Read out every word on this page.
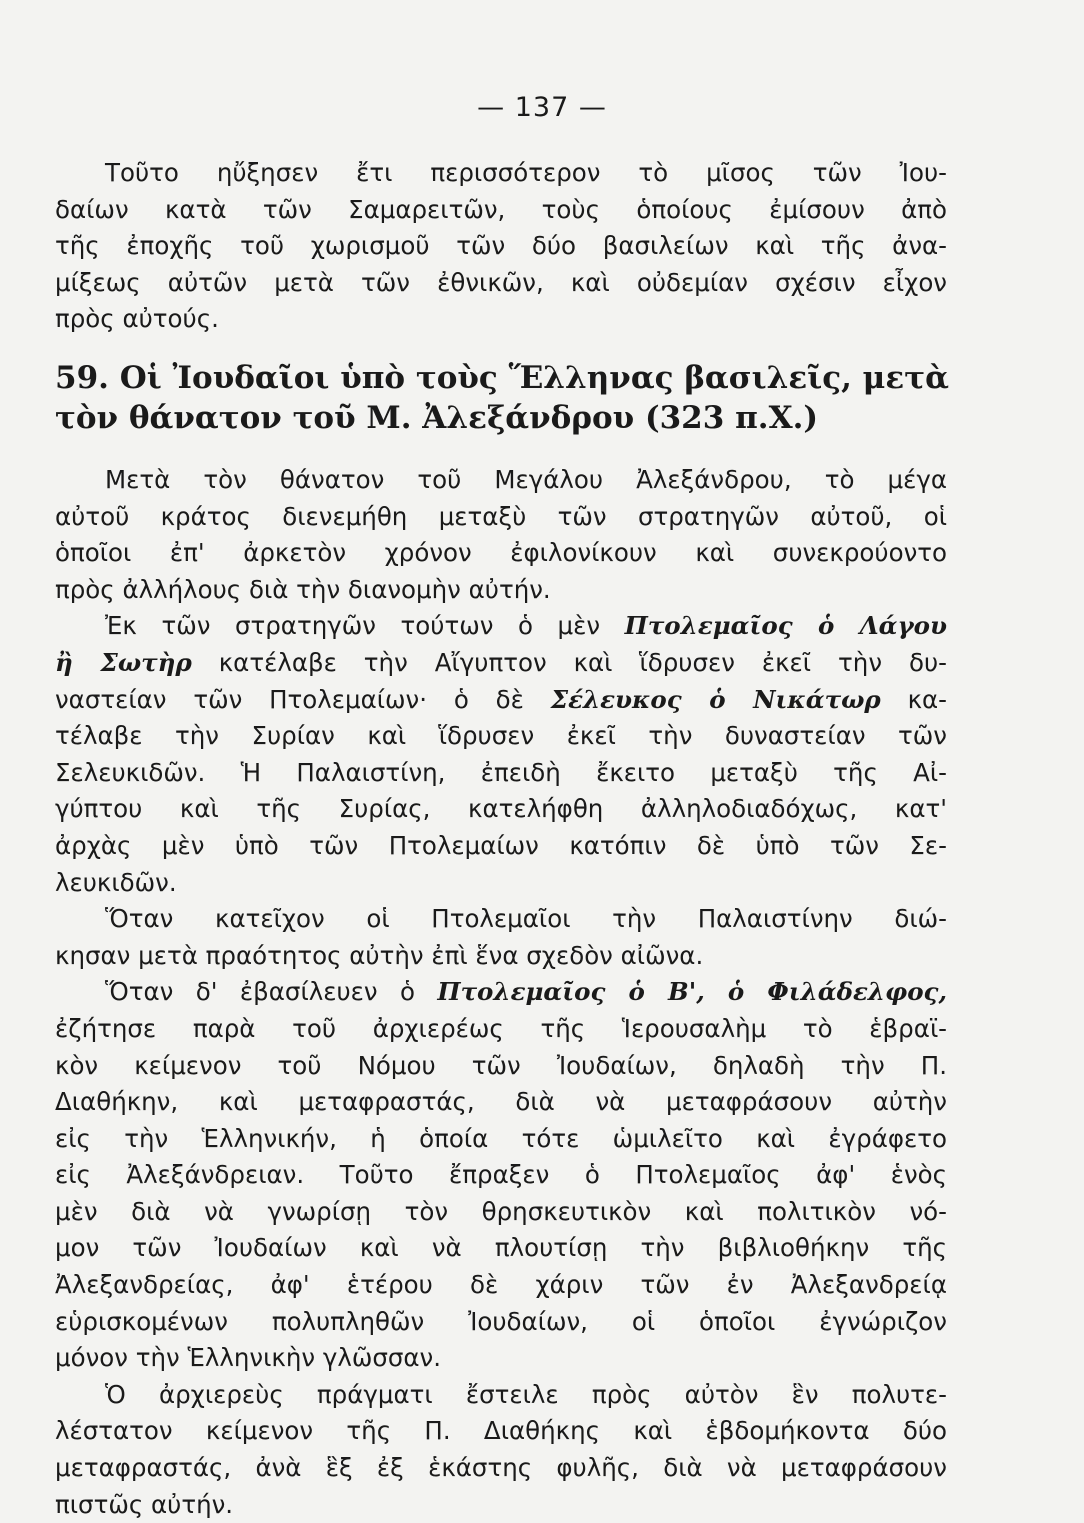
— 137 —
Τοῦτο ηὔξησεν ἔτι περισσότερον τὸ μῖσος τῶν Ἰου-
δαίων κατὰ τῶν Σαμαρειτῶν, τοὺς ὁποίους ἐμίσουν ἀπὸ
τῆς ἐποχῆς τοῦ χωρισμοῦ τῶν δύο βασιλείων καὶ τῆς ἀνα-
μίξεως αὐτῶν μετὰ τῶν ἐθνικῶν, καὶ οὐδεμίαν σχέσιν εἶχον
πρὸς αὐτούς.
59. Οἱ Ἰουδαῖοι ὑπὸ τοὺς Ἕλληνας βασιλεῖς, μετὰ
τὸν θάνατον τοῦ Μ. Ἀλεξάνδρου (323 π.Χ.)
Μετὰ τὸν θάνατον τοῦ Μεγάλου Ἀλεξάνδρου, τὸ μέγα
αὐτοῦ κράτος διενεμήθη μεταξὺ τῶν στρατηγῶν αὐτοῦ, οἱ
ὁποῖοι ἐπ' ἀρκετὸν χρόνον ἐφιλονίκουν καὶ συνεκρούοντο
πρὸς ἀλλήλους διὰ τὴν διανομὴν αὐτήν.
Ἐκ τῶν στρατηγῶν τούτων ὁ μὲν Πτολεμαῖος ὁ Λάγου
ἢ Σωτὴρ κατέλαβε τὴν Αἴγυπτον καὶ ἵδρυσεν ἐκεῖ τὴν δυ-
ναστείαν τῶν Πτολεμαίων· ὁ δὲ Σέλευκος ὁ Νικάτωρ κα-
τέλαβε τὴν Συρίαν καὶ ἵδρυσεν ἐκεῖ τὴν δυναστείαν τῶν
Σελευκιδῶν. Ἡ Παλαιστίνη, ἐπειδὴ ἔκειτο μεταξὺ τῆς Αἰ-
γύπτου καὶ τῆς Συρίας, κατελήφθη ἀλληλοδιαδόχως, κατ'
ἀρχὰς μὲν ὑπὸ τῶν Πτολεμαίων κατόπιν δὲ ὑπὸ τῶν Σε-
λευκιδῶν.
Ὅταν κατεῖχον οἱ Πτολεμαῖοι τὴν Παλαιστίνην διώ-
κησαν μετὰ πραότητος αὐτὴν ἐπὶ ἕνα σχεδὸν αἰῶνα.
Ὅταν δ' ἐβασίλευεν ὁ Πτολεμαῖος ὁ Β', ὁ Φιλάδελφος,
ἐζήτησε παρὰ τοῦ ἀρχιερέως τῆς Ἱερουσαλὴμ τὸ ἑβραϊ-
κὸν κείμενον τοῦ Νόμου τῶν Ἰουδαίων, δηλαδὴ τὴν Π.
Διαθήκην, καὶ μεταφραστάς, διὰ νὰ μεταφράσουν αὐτὴν
εἰς τὴν Ἑλληνικήν, ἡ ὁποία τότε ὡμιλεῖτο καὶ ἐγράφετο
εἰς Ἀλεξάνδρειαν. Τοῦτο ἔπραξεν ὁ Πτολεμαῖος ἀφ' ἑνὸς
μὲν διὰ νὰ γνωρίσῃ τὸν θρησκευτικὸν καὶ πολιτικὸν νό-
μον τῶν Ἰουδαίων καὶ νὰ πλουτίσῃ τὴν βιβλιοθήκην τῆς
Ἀλεξανδρείας, ἀφ' ἑτέρου δὲ χάριν τῶν ἐν Ἀλεξανδρείᾳ
εὑρισκομένων πολυπληθῶν Ἰουδαίων, οἱ ὁποῖοι ἐγνώριζον
μόνον τὴν Ἑλληνικὴν γλῶσσαν.
Ὁ ἀρχιερεὺς πράγματι ἔστειλε πρὸς αὐτὸν ἓν πολυτε-
λέστατον κείμενον τῆς Π. Διαθήκης καὶ ἑβδομήκοντα δύο
μεταφραστάς, ἀνὰ ἓξ ἐξ ἑκάστης φυλῆς, διὰ νὰ μεταφράσουν
πιστῶς αὐτήν.
